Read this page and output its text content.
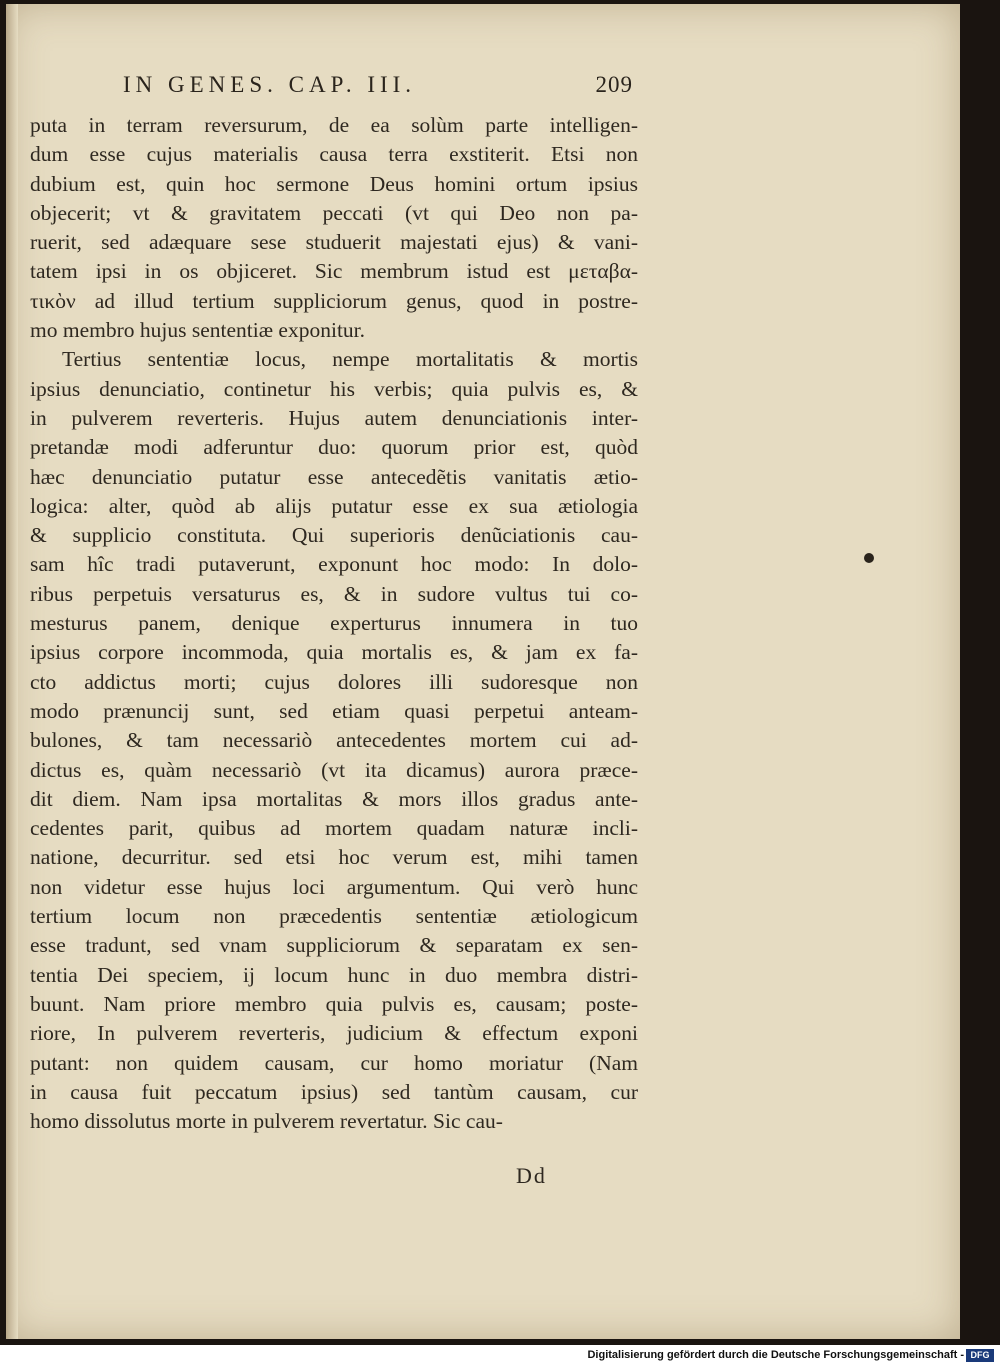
IN GENES. CAP. III.	209
puta in terram reversurum, de ea solùm parte intelligen-
dum esse cujus materialis causa terra exstiterit. Etsi non
dubium est, quin hoc sermone Deus homini ortum ipsius
objecerit; vt & gravitatem peccati (vt qui Deo non pa-
ruerit, sed adæquare sese studuerit majestati ejus) & vani-
tatem ipsi in os objiceret. Sic membrum istud est μεταβα-
τικὸν ad illud tertium suppliciorum genus, quod in postre-
mo membro hujus sententiæ exponitur.
Tertius sententiæ locus, nempe mortalitatis & mortis
ipsius denunciatio, continetur his verbis; quia pulvis es, &
in pulverem reverteris. Hujus autem denunciationis inter-
pretandæ modi adferuntur duo: quorum prior est, quòd
hæc denunciatio putatur esse antecedẽtis vanitatis ætio-
logica: alter, quòd ab alijs putatur esse ex sua ætiologia
& supplicio constituta. Qui superioris denũciationis cau-
sam hîc tradi putaverunt, exponunt hoc modo: In dolo-
ribus perpetuis versaturus es, & in sudore vultus tui co-
mesturus panem, denique experturus innumera in tuo
ipsius corpore incommoda, quia mortalis es, & jam ex fa-
cto addictus morti; cujus dolores illi sudoresque non
modo prænuncij sunt, sed etiam quasi perpetui anteam-
bulones, & tam necessariò antecedentes mortem cui ad-
dictus es, quàm necessariò (vt ita dicamus) aurora præce-
dit diem. Nam ipsa mortalitas & mors illos gradus ante-
cedentes parit, quibus ad mortem quadam naturæ incli-
natione, decurritur. sed etsi hoc verum est, mihi tamen
non videtur esse hujus loci argumentum. Qui verò hunc
tertium locum non præcedentis sententiæ ætiologicum
esse tradunt, sed vnam suppliciorum & separatam ex sen-
tentia Dei speciem, ij locum hunc in duo membra distri-
buunt. Nam priore membro quia pulvis es, causam; poste-
riore, In pulverem reverteris, judicium & effectum exponi
putant: non quidem causam, cur homo moriatur (Nam
in causa fuit peccatum ipsius) sed tantùm causam, cur
homo dissolutus morte in pulverem revertatur. Sic cau-
Dd
Digitalisierung gefördert durch die Deutsche Forschungsgemeinschaft - DFG
